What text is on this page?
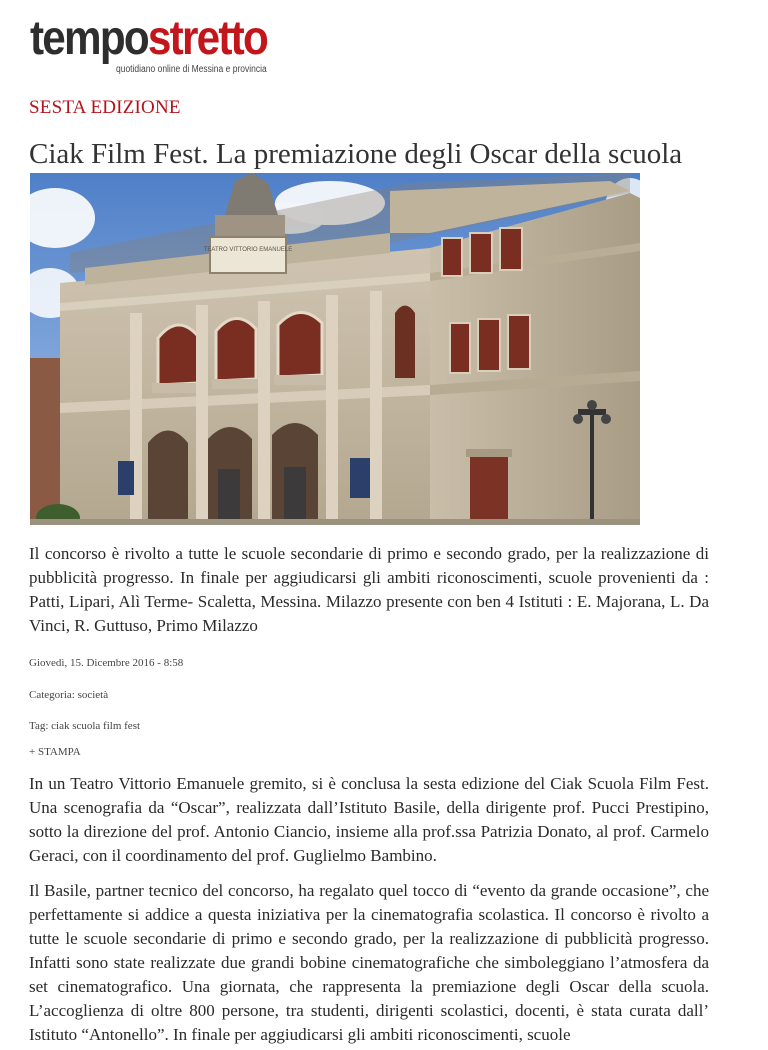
tempostretto
quotidiano online di Messina e provincia
SESTA EDIZIONE
Ciak Film Fest. La premiazione degli Oscar della scuola
TEATRO VITTORIO EMANUELE

Il concorso è rivolto a tutte le scuole secondarie di primo e secondo grado, per la realizzazione di pubblicità progresso. In finale per aggiudicarsi gli ambiti riconoscimenti, scuole provenienti da : Patti, Lipari, Alì Terme- Scaletta, Messina. Milazzo presente con ben 4 Istituti : E. Majorana, L. Da Vinci, R. Guttuso, Primo Milazzo

Giovedì, 15. Dicembre 2016 - 8:58

Categoria: società

Tag: ciak scuola film fest

+ STAMPA

In un Teatro Vittorio Emanuele gremito, si è conclusa la sesta edizione del Ciak Scuola Film Fest. Una scenografia da “Oscar”, realizzata dall’Istituto Basile, della dirigente prof. Pucci Prestipino, sotto la direzione del prof. Antonio Ciancio, insieme alla prof.ssa Patrizia Donato, al prof. Carmelo Geraci, con il coordinamento del prof. Guglielmo Bambino.

Il Basile, partner tecnico del concorso, ha regalato quel tocco di “evento da grande occasione”, che perfettamente si addice a questa iniziativa per la cinematografia scolastica. Il concorso è rivolto a tutte le scuole secondarie di primo e secondo grado, per la realizzazione di pubblicità progresso. Infatti sono state realizzate due grandi bobine cinematografiche che simboleggiano l’atmosfera da set cinematografico. Una giornata, che rappresenta la premiazione degli Oscar della scuola. L’accoglienza di oltre 800 persone, tra studenti, dirigenti scolastici, docenti, è stata curata dall’ Istituto “Antonello”. In finale per aggiudicarsi gli ambiti riconoscimenti, scuole
